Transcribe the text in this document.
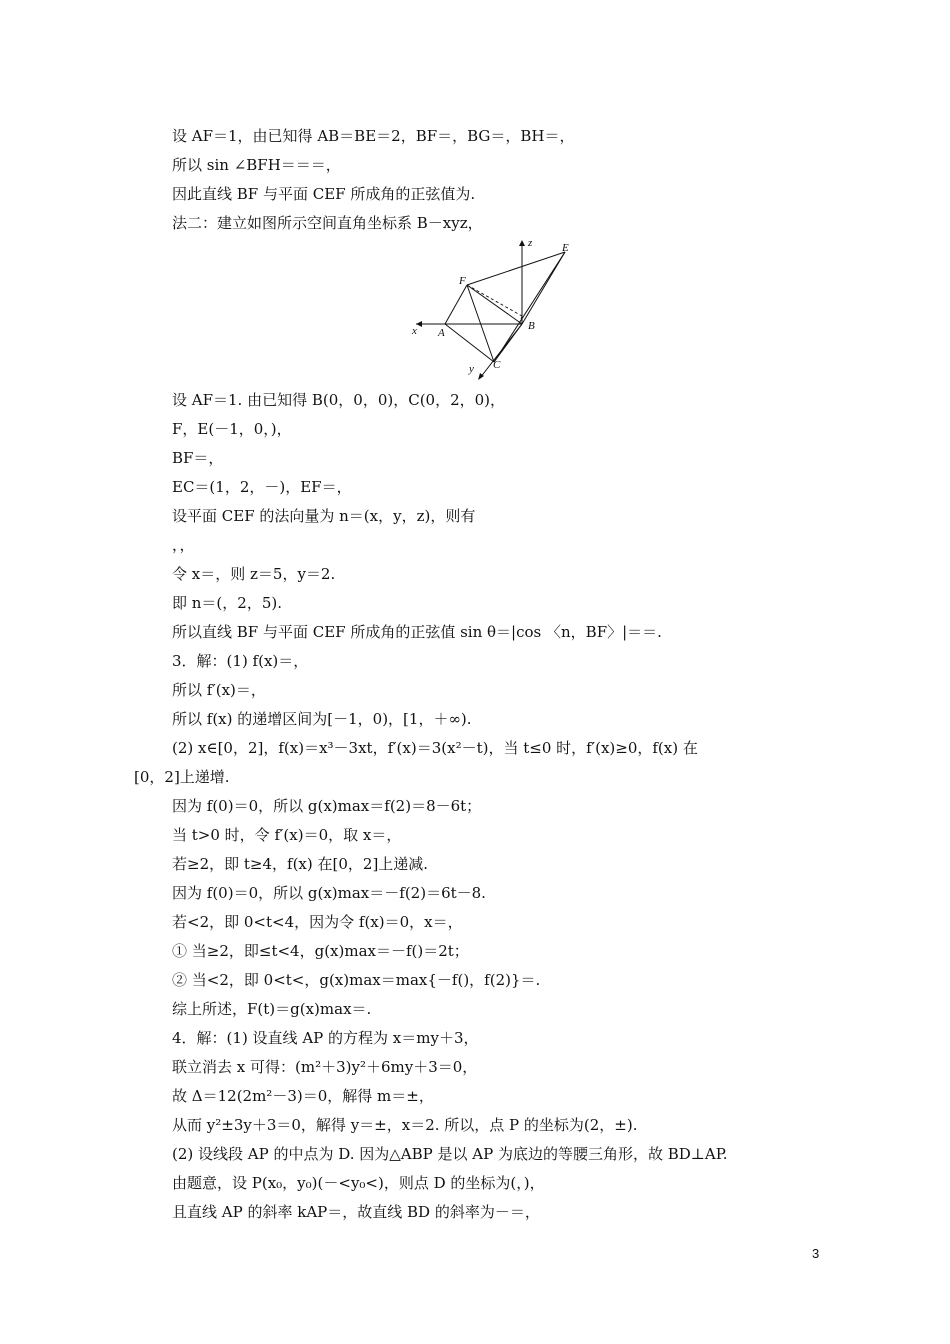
设 AF＝1，由已知得 AB＝BE＝2，BF＝，BG＝，BH＝，
所以 sin ∠BFH＝＝＝，
因此直线 BF 与平面 CEF 所成角的正弦值为.
法二：建立如图所示空间直角坐标系 B－xyz，
z	E
F
x A
B
C
y
设 AF＝1. 由已知得 B(0，0，0)，C(0，2，0)，
F，E(－1，0，)，
BF＝，
EC＝(1，2，－)，EF＝，
设平面 CEF 的法向量为 n＝(x，y，z)，则有
，，
令 x＝，则 z＝5，y＝2.
即 n＝(，2，5).
所以直线 BF 与平面 CEF 所成角的正弦值 sin θ＝|cos 〈n，BF〉|＝＝.
3．解：(1) f(x)＝，
所以 f′(x)＝，
所以 f(x) 的递增区间为[－1，0)，[1，＋∞).
(2) x∈[0，2]，f(x)＝x³－3xt，f′(x)＝3(x²－t)，当 t≤0 时，f′(x)≥0，f(x) 在
[0，2]上递增.
因为 f(0)＝0，所以 g(x)max＝f(2)＝8－6t；
当 t>0 时，令 f′(x)＝0，取 x＝，
若≥2，即 t≥4，f(x) 在[0，2]上递减.
因为 f(0)＝0，所以 g(x)max＝－f(2)＝6t－8.
若<2，即 0<t<4，因为令 f(x)＝0，x＝，
① 当≥2，即≤t<4，g(x)max＝－f()＝2t；
② 当<2，即 0<t<，g(x)max＝max{－f()，f(2)}＝.
综上所述，F(t)＝g(x)max＝.
4．解：(1) 设直线 AP 的方程为 x＝my＋3，
联立消去 x 可得：(m²＋3)y²＋6my＋3＝0，
故 Δ＝12(2m²－3)＝0，解得 m＝±，
从而 y²±3y＋3＝0，解得 y＝±，x＝2. 所以，点 P 的坐标为(2，±).
(2) 设线段 AP 的中点为 D. 因为△ABP 是以 AP 为底边的等腰三角形，故 BD⊥AP.
由题意，设 P(x₀，y₀)(－<y₀<)，则点 D 的坐标为(，)，
且直线 AP 的斜率 kAP＝，故直线 BD 的斜率为－＝，
3
